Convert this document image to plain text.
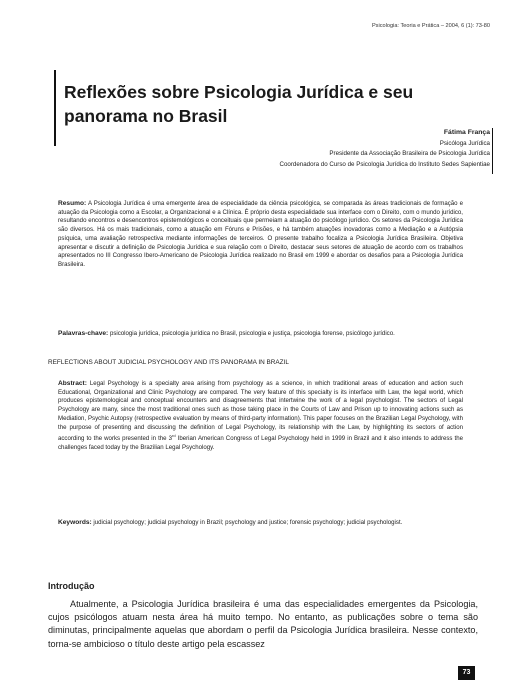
Psicologia: Teoria e Prática – 2004, 6 (1): 73-80
Reflexões sobre Psicologia Jurídica e seu panorama no Brasil
Fátima França
Psicóloga Jurídica
Presidente da Associação Brasileira de Psicologia Jurídica
Coordenadora do Curso de Psicologia Jurídica do Instituto Sedes Sapientiae

Resumo: A Psicologia Jurídica é uma emergente área de especialidade da ciência psicológica, se comparada às áreas tradicionais de formação e atuação da Psicologia como a Escolar, a Organizacional e a Clínica. É próprio desta especialidade sua interface com o Direito, com o mundo jurídico, resultando encontros e desencontros epistemológicos e conceituais que permeiam a atuação do psicólogo jurídico. Os setores da Psicologia Jurídica são diversos. Há os mais tradicionais, como a atuação em Fóruns e Prisões, e há também atuações inovadoras como a Mediação e a Autópsia psíquica, uma avaliação retrospectiva mediante informações de terceiros. O presente trabalho focaliza a Psicologia Jurídica Brasileira. Objetiva apresentar e discutir a definição de Psicologia Jurídica e sua relação com o Direito, destacar seus setores de atuação de acordo com os trabalhos apresentados no III Congresso Ibero-Americano de Psicologia Jurídica realizado no Brasil em 1999 e abordar os desafios para a Psicologia Jurídica Brasileira.

Palavras-chave: psicologia jurídica, psicologia jurídica no Brasil, psicologia e justiça, psicologia forense, psicólogo jurídico.

REFLECTIONS ABOUT JUDICIAL PSYCHOLOGY AND ITS PANORAMA IN BRAZIL

Abstract: Legal Psychology is a specialty area arising from psychology as a science, in which traditional areas of education and action such Educational, Organizational and Clinic Psychology are compared. The very feature of this specialty is its interface with Law, the legal world, which produces epistemological and conceptual encounters and disagreements that intertwine the work of a legal psychologist. The sectors of Legal Psychology are many, since the most traditional ones such as those taking place in the Courts of Law and Prison up to innovating actions such as Mediation, Psychic Autopsy (retrospective evaluation by means of third-party information). This paper focuses on the Brazilian Legal Psychology, with the purpose of presenting and discussing the definition of Legal Psychology, its relationship with the Law, by highlighting its sectors of action according to the works presented in the 3rd Iberian American Congress of Legal Psychology held in 1999 in Brazil and it also intends to address the challenges faced today by the Brazilian Legal Psychology.

Keywords: judicial psychology; judicial psychology in Brazil; psychology and justice; forensic psychology; judicial psychologist.

Introdução

Atualmente, a Psicologia Jurídica brasileira é uma das especialidades emergentes da Psicologia, cujos psicólogos atuam nesta área há muito tempo. No entanto, as publicações sobre o tema são diminutas, principalmente aquelas que abordam o perfil da Psicologia Jurídica brasileira. Nesse contexto, torna-se ambicioso o título deste artigo pela escassez

73
